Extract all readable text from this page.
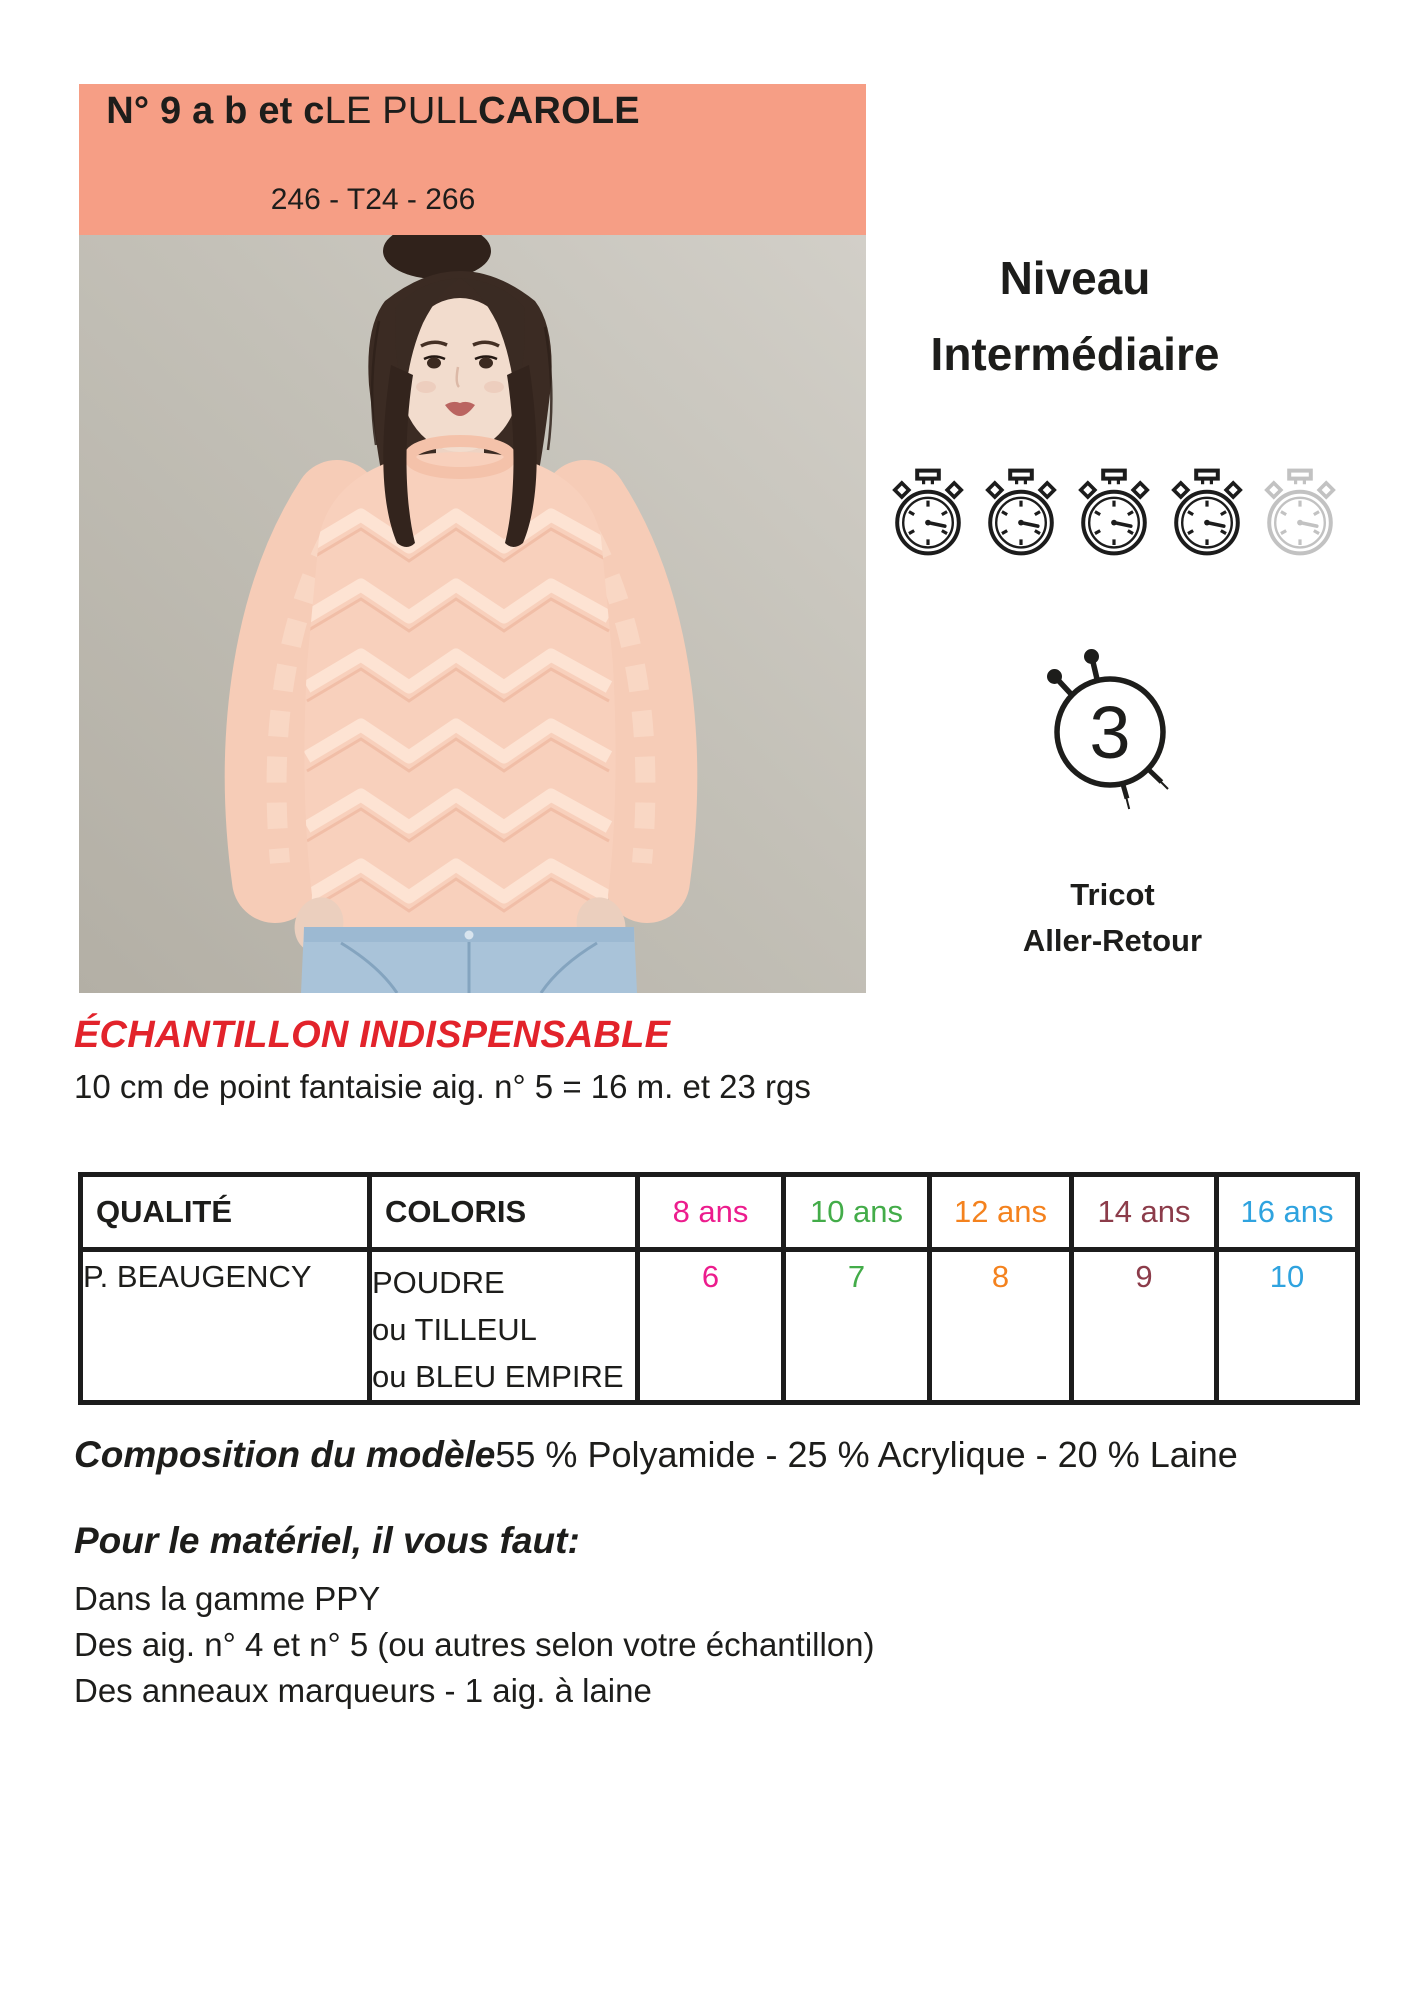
N° 9 a b et cLE PULLCAROLE
246 - T24 - 266
Niveau
Intermédiaire
3
Tricot
Aller-Retour
ÉCHANTILLON INDISPENSABLE
10 cm de point fantaisie aig. n° 5 = 16 m. et 23 rgs
QUALITÉ	COLORIS	8 ans	10 ans	12 ans	14 ans	16 ans
P. BEAUGENCY	POUDRE
ou TILLEUL
ou BLEU EMPIRE	6	7	8	9	10
Composition du modèle55 % Polyamide - 25 % Acrylique - 20 % Laine
Pour le matériel, il vous faut:
Dans la gamme PPY
Des aig. n° 4 et n° 5 (ou autres selon votre échantillon)
Des anneaux marqueurs - 1 aig. à laine
